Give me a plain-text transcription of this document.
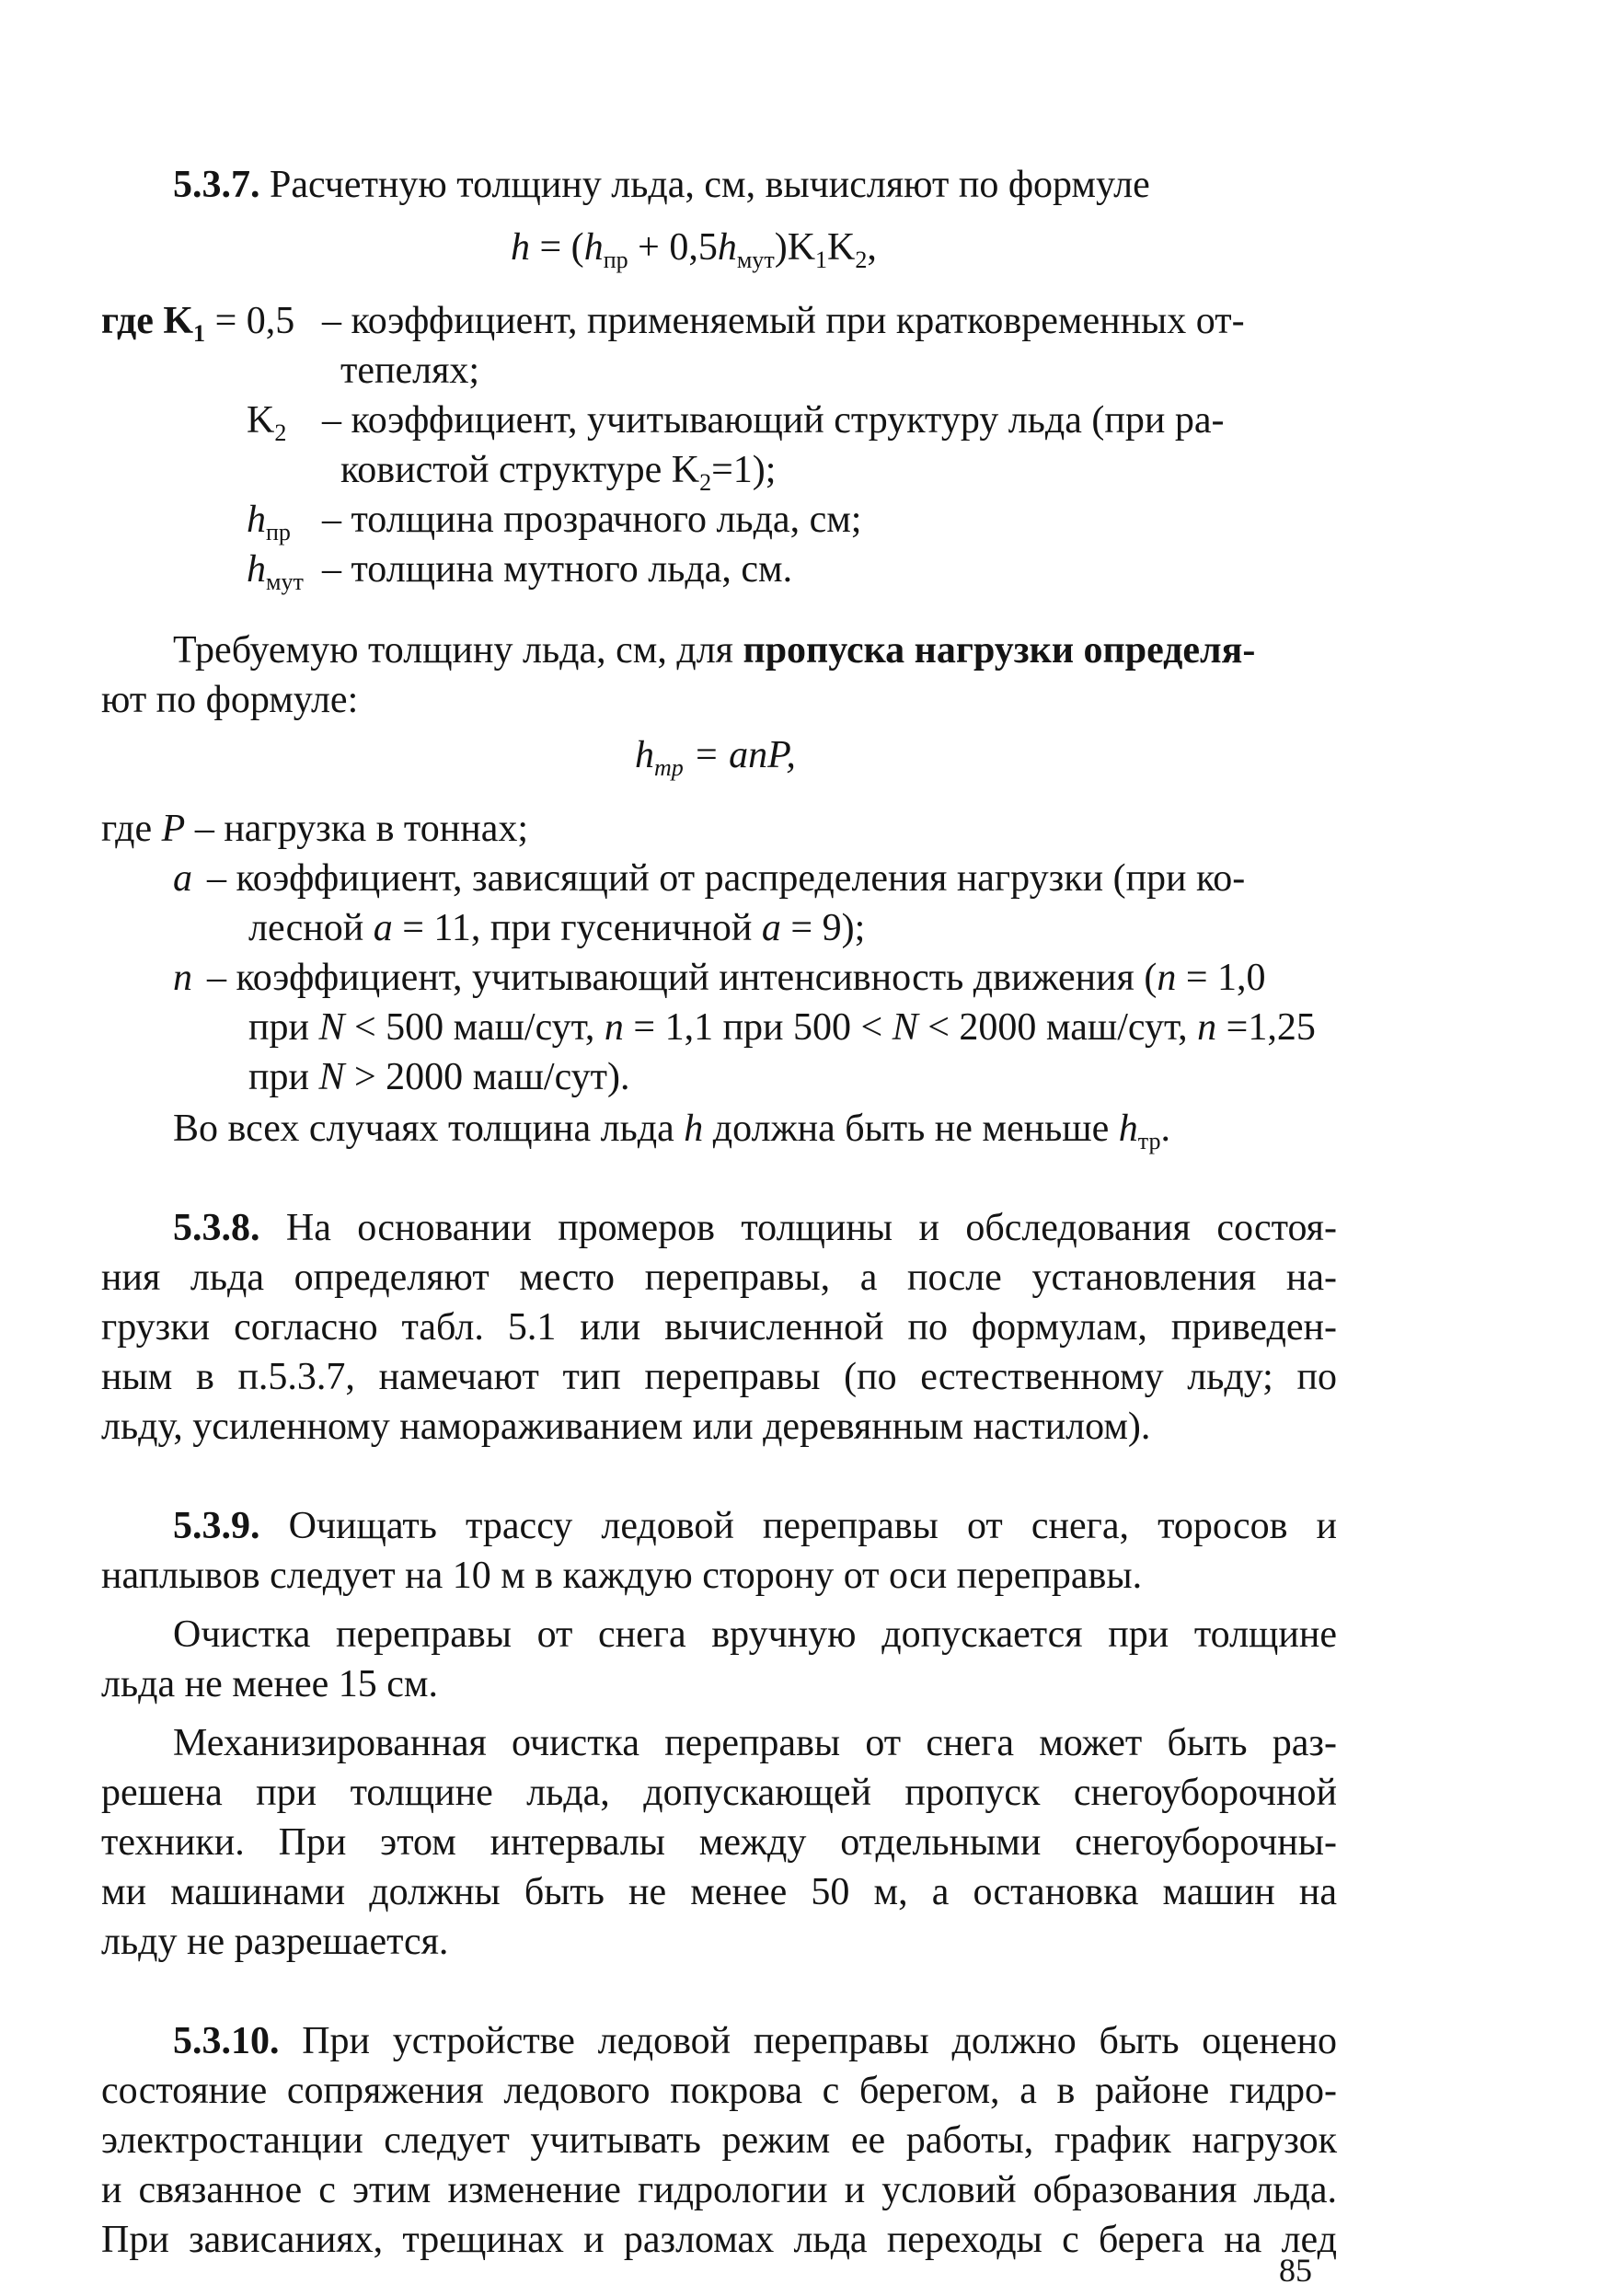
5.3.7. Расчетную толщину льда, см, вычисляют по формуле
$h = (h_{пр} + 0,5h_{мут})K_1K_2$,
где $K_1 = 0,5$ – коэффициент, применяемый при кратковременных от-
тепелях;
$K_2$ – коэффициент, учитывающий структуру льда (при ра-
ковистой структуре $K_2=1$);
$h_{пр}$ – толщина прозрачного льда, см;
$h_{мут}$ – толщина мутного льда, см.
Требуемую толщину льда, см, для пропуска нагрузки определя-
ют по формуле:
$h_{тр}$ = anP,
где P – нагрузка в тоннах;
a – коэффициент, зависящий от распределения нагрузки (при ко-
лесной a = 11, при гусеничной a = 9);
n – коэффициент, учитывающий интенсивность движения (n = 1,0
при N < 500 маш/сут, n = 1,1 при 500 < N < 2000 маш/сут, n =1,25
при N > 2000 маш/сут).
Во всех случаях толщина льда h должна быть не меньше $h_{тр}$.
5.3.8. На основании промеров толщины и обследования состоя-
ния льда определяют место переправы, а после установления на-
грузки согласно табл. 5.1 или вычисленной по формулам, приведен-
ным в п.5.3.7, намечают тип переправы (по естественному льду; по
льду, усиленному намораживанием или деревянным настилом).
5.3.9. Очищать трассу ледовой переправы от снега, торосов и
наплывов следует на 10 м в каждую сторону от оси переправы.
Очистка переправы от снега вручную допускается при толщине
льда не менее 15 см.
Механизированная очистка переправы от снега может быть раз-
решена при толщине льда, допускающей пропуск снегоуборочной
техники. При этом интервалы между отдельными снегоуборочны-
ми машинами должны быть не менее 50 м, а остановка машин на
льду не разрешается.
5.3.10. При устройстве ледовой переправы должно быть оценено
состояние сопряжения ледового покрова с берегом, а в районе гидро-
электростанции следует учитывать режим ее работы, график нагрузок
и связанное с этим изменение гидрологии и условий образования льда.
При зависаниях, трещинах и разломах льда переходы с берега на лед
85
